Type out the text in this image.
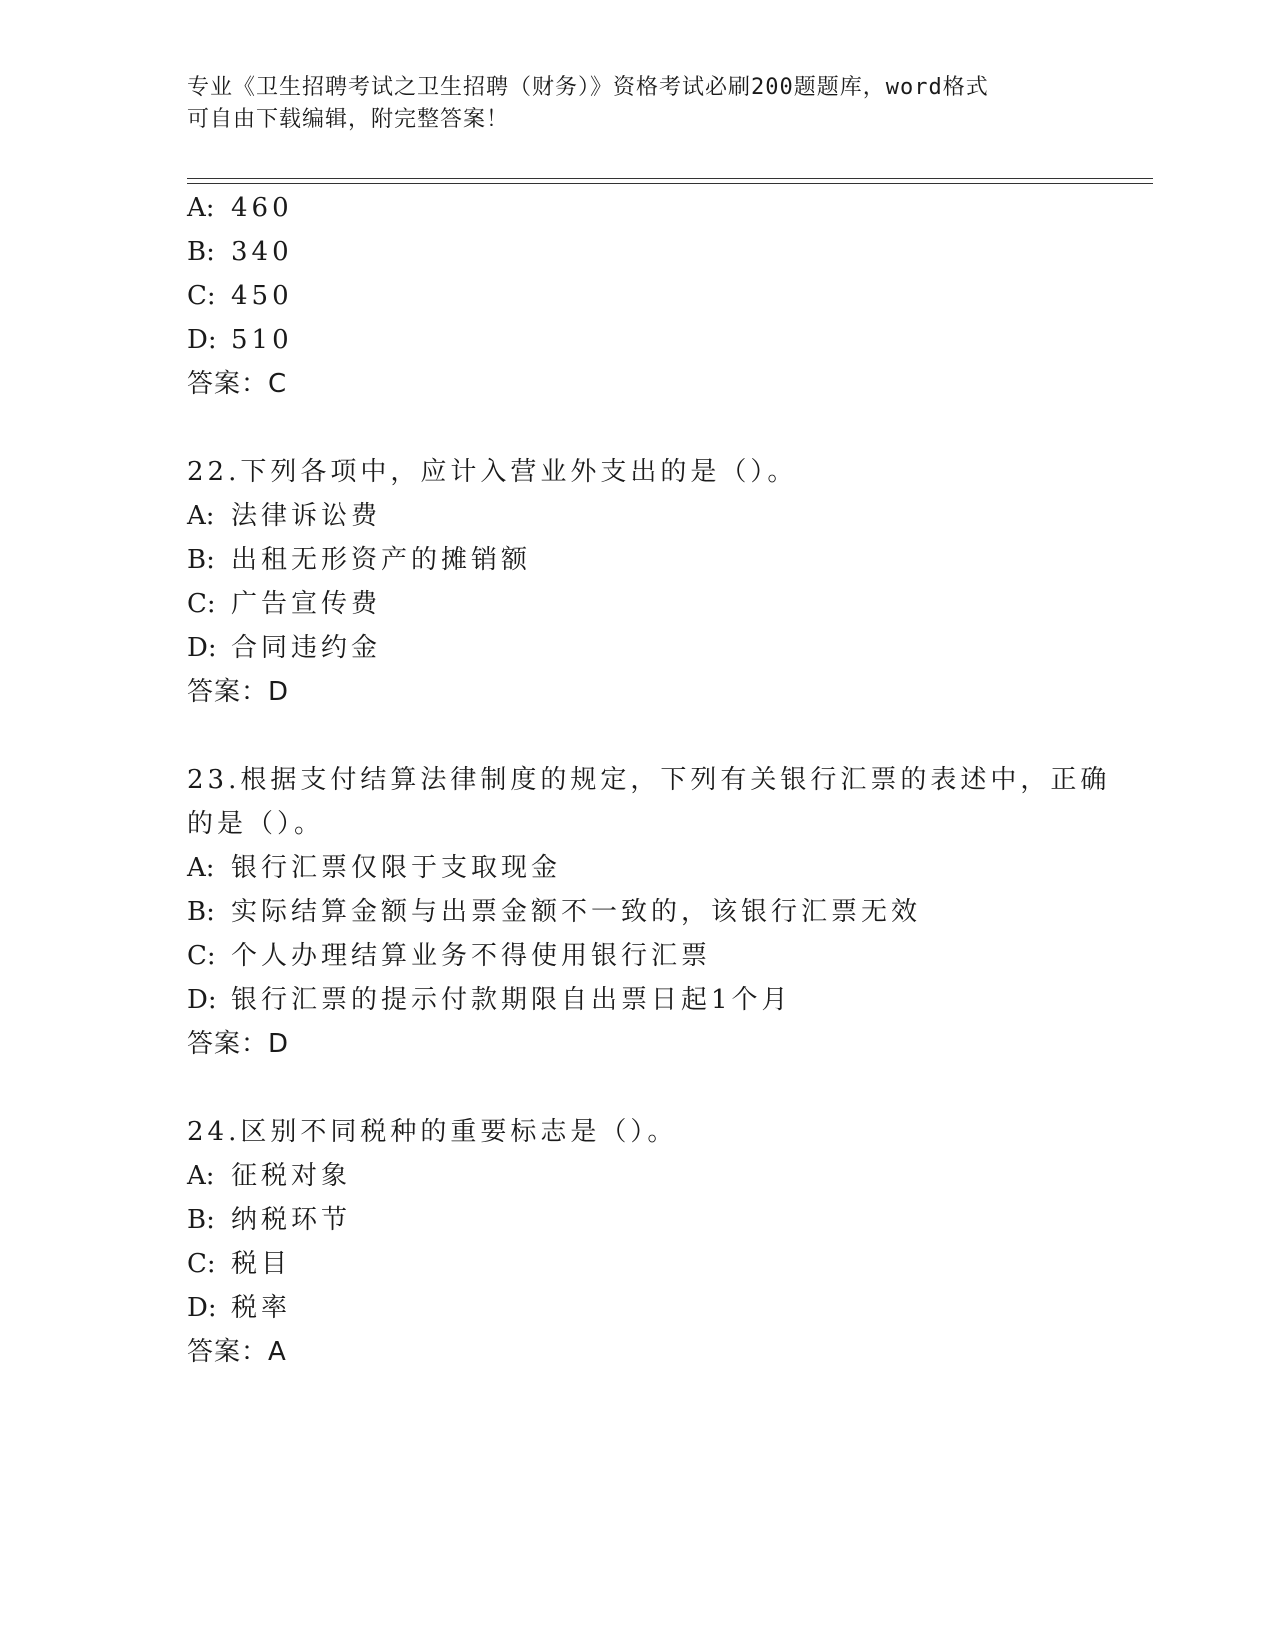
专业《卫生招聘考试之卫生招聘（财务）》资格考试必刷200题题库，word格式
可自由下载编辑，附完整答案！
A: 460
B: 340
C: 450
D: 510
答案：C
22.下列各项中，应计入营业外支出的是（）。
A: 法律诉讼费
B: 出租无形资产的摊销额
C: 广告宣传费
D: 合同违约金
答案：D
23.根据支付结算法律制度的规定，下列有关银行汇票的表述中，正确
的是（）。
A: 银行汇票仅限于支取现金
B: 实际结算金额与出票金额不一致的，该银行汇票无效
C: 个人办理结算业务不得使用银行汇票
D: 银行汇票的提示付款期限自出票日起1个月
答案：D
24.区别不同税种的重要标志是（）。
A: 征税对象
B: 纳税环节
C: 税目
D: 税率
答案：A
